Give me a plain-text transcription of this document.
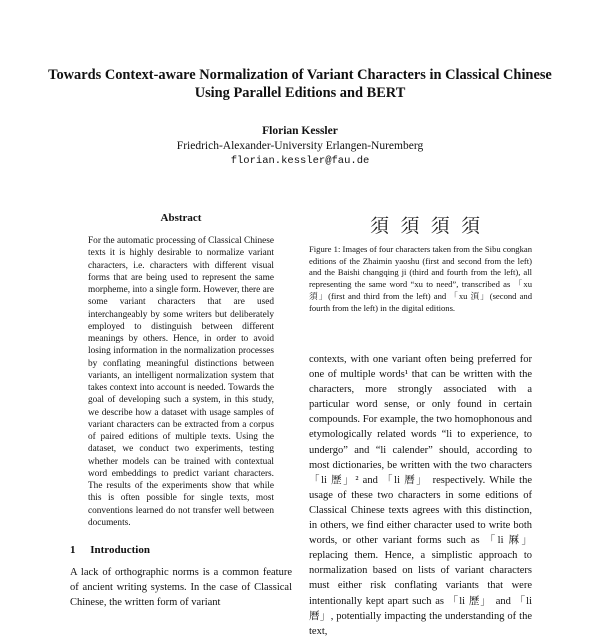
Towards Context-aware Normalization of Variant Characters in Classical Chinese Using Parallel Editions and BERT
Florian Kessler
Friedrich-Alexander-University Erlangen-Nuremberg
florian.kessler@fau.de
Abstract
For the automatic processing of Classical Chinese texts it is highly desirable to normalize variant characters, i.e. characters with different visual forms that are being used to represent the same morpheme, into a single form. However, there are some variant characters that are used interchangeably by some writers but deliberately employed to distinguish between different meanings by others. Hence, in order to avoid losing information in the normalization processes by conflating meaningful distinctions between variants, an intelligent normalization system that takes context into account is needed. Towards the goal of developing such a system, in this study, we describe how a dataset with usage samples of variant characters can be extracted from a corpus of paired editions of multiple texts. Using the dataset, we conduct two experiments, testing whether models can be trained with contextual word embeddings to predict variant characters. The results of the experiments show that while this is often possible for single texts, most conventions learned do not transfer well between documents.
1 Introduction
A lack of orthographic norms is a common feature of ancient writing systems. In the case of Classical Chinese, the written form of variant
須 須 須 須
Figure 1: Images of four characters taken from the Sibu congkan editions of the Zhaimin yaoshu (first and second from the left) and the Baishi changqing ji (third and fourth from the left), all representing the same word “xu to need”, transcribed as 「xu 須」(first and third from the left) and 「xu 湏」(second and fourth from the left) in the digital editions.
contexts, with one variant often being preferred for one of multiple words¹ that can be written with the characters, more strongly associated with a particular word sense, or only found in certain compounds. For example, the two homophonous and etymologically related words “li to experience, to undergo” and “li calender” should, according to most dictionaries, be written with the two characters 「li 歷」² and 「li 曆」 respectively. While the usage of these two characters in some editions of Classical Chinese texts agrees with this distinction, in others, we find either character used to write both words, or other variant forms such as 「li 厤」 replacing them. Hence, a simplistic approach to normalization based on lists of variant characters must either risk conflating variants that were intentionally kept apart such as 「li 歷」 and 「li 曆」, potentially impacting the understanding of the text,
